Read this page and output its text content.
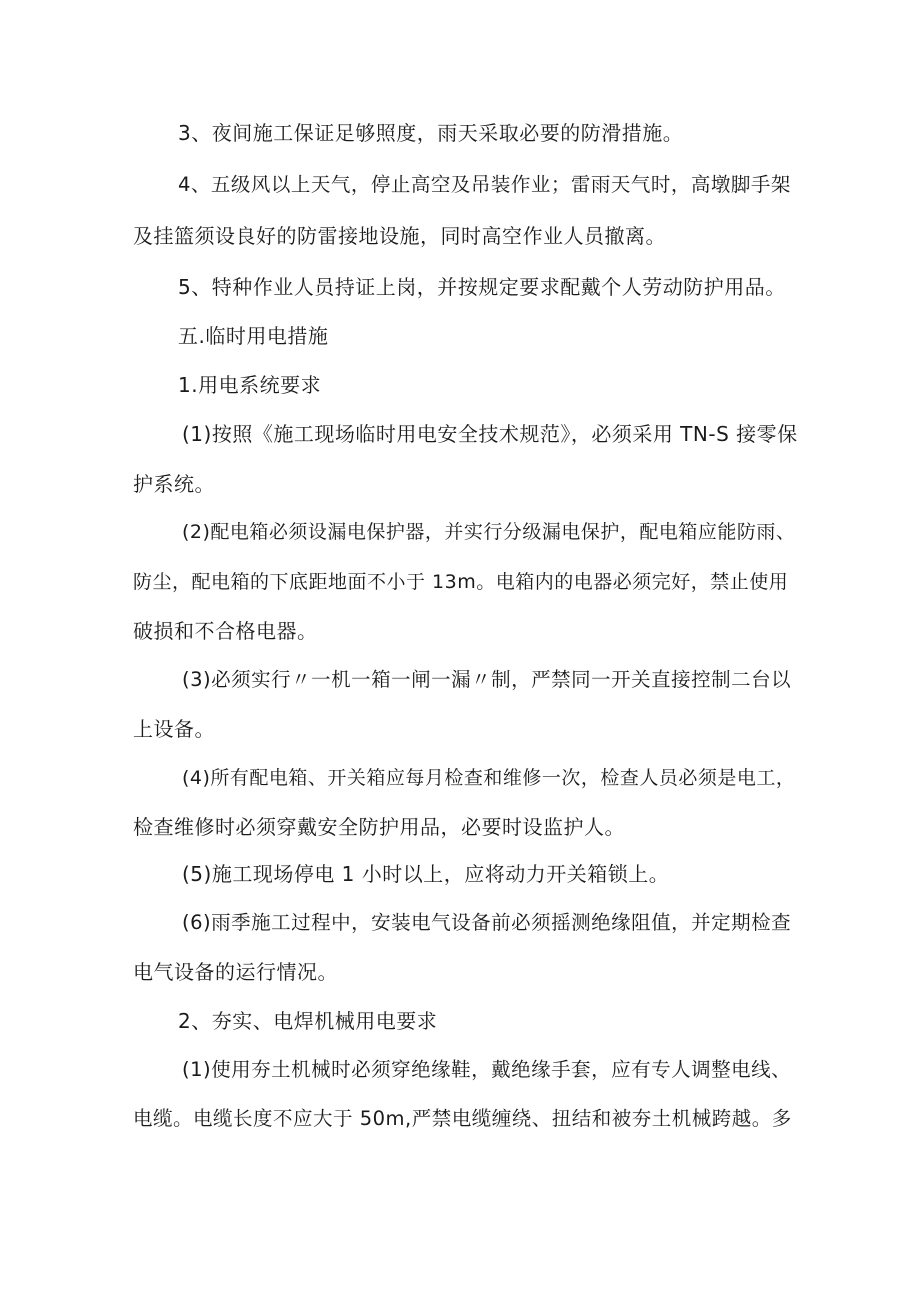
3、夜间施工保证足够照度，雨天采取必要的防滑措施。
4、五级风以上天气，停止高空及吊装作业；雷雨天气时，高墩脚手架
及挂篮须设良好的防雷接地设施，同时高空作业人员撤离。
5、特种作业人员持证上岗，并按规定要求配戴个人劳动防护用品。
五.临时用电措施
1.用电系统要求
(1)按照《施工现场临时用电安全技术规范》，必须采用 TN-S 接零保
护系统。
(2)配电箱必须设漏电保护器，并实行分级漏电保护，配电箱应能防雨、
防尘，配电箱的下底距地面不小于 13m。电箱内的电器必须完好，禁止使用
破损和不合格电器。
(3)必须实行〃一机一箱一闸一漏〃制，严禁同一开关直接控制二台以
上设备。
(4)所有配电箱、开关箱应每月检查和维修一次，检查人员必须是电工，
检查维修时必须穿戴安全防护用品，必要时设监护人。
(5)施工现场停电 1 小时以上，应将动力开关箱锁上。
(6)雨季施工过程中，安装电气设备前必须摇测绝缘阻值，并定期检查
电气设备的运行情况。
2、夯实、电焊机械用电要求
(1)使用夯土机械时必须穿绝缘鞋，戴绝缘手套，应有专人调整电线、
电缆。电缆长度不应大于 50m,严禁电缆缠绕、扭结和被夯土机械跨越。多
